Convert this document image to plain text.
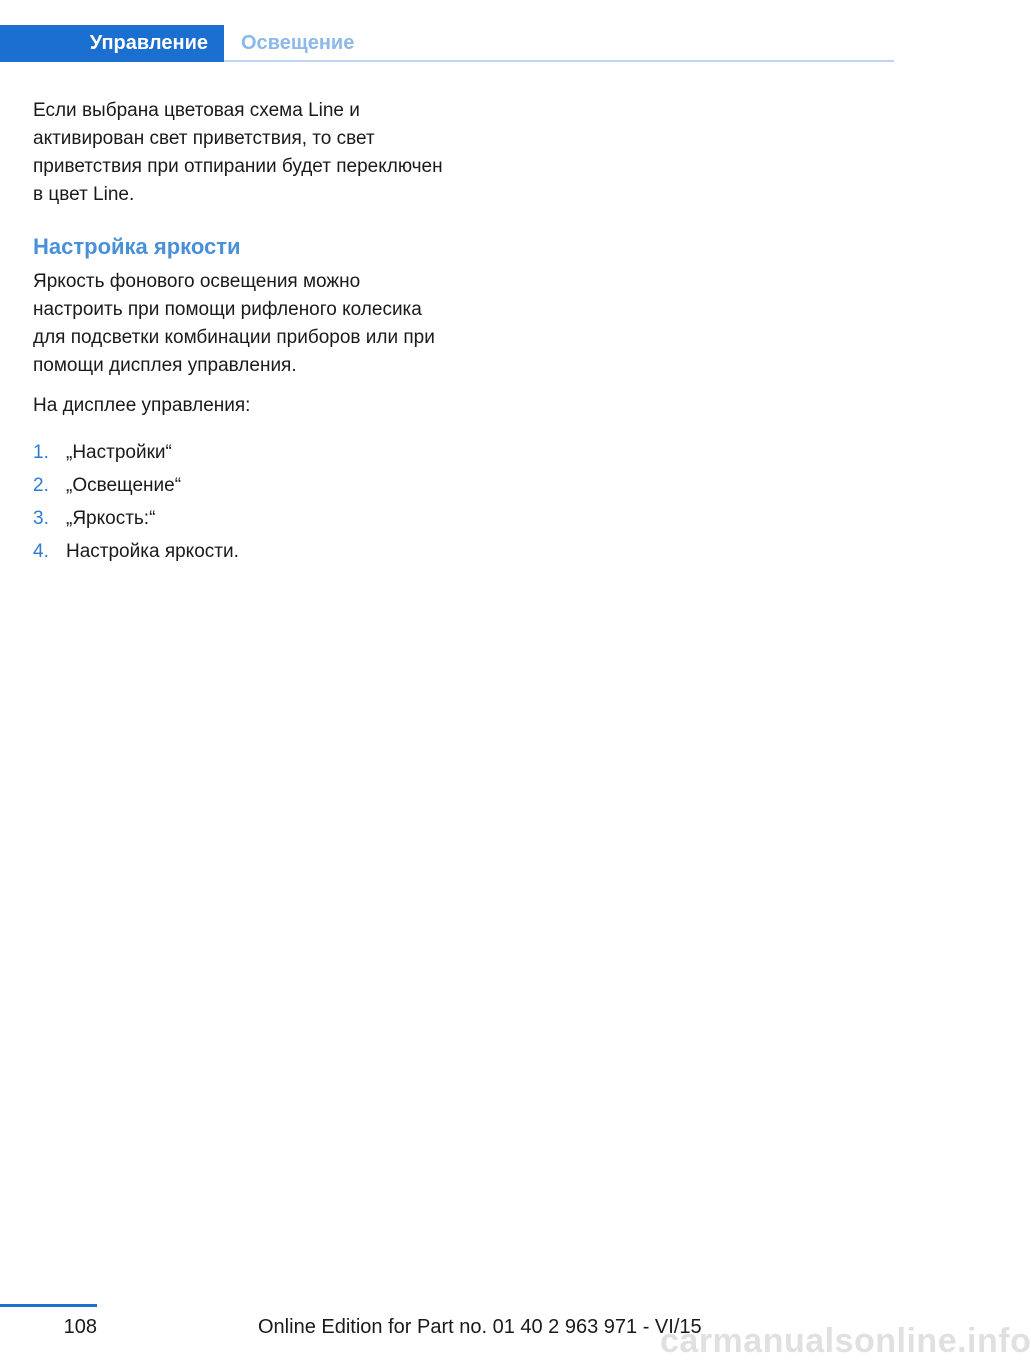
Управление	Освещение

Если выбрана цветовая схема Line и активирован свет приветствия, то свет приветствия при отпирании будет переключен в цвет Line.

Настройка яркости

Яркость фонового освещения можно настроить при помощи рифленого колесика для подсветки комбинации приборов или при помощи дисплея управления.

На дисплее управления:

1. „Настройки“
2. „Освещение“
3. „Яркость:“
4. Настройка яркости.
108	Online Edition for Part no. 01 40 2 963 971 - VI/15
carmanualsonline.info
